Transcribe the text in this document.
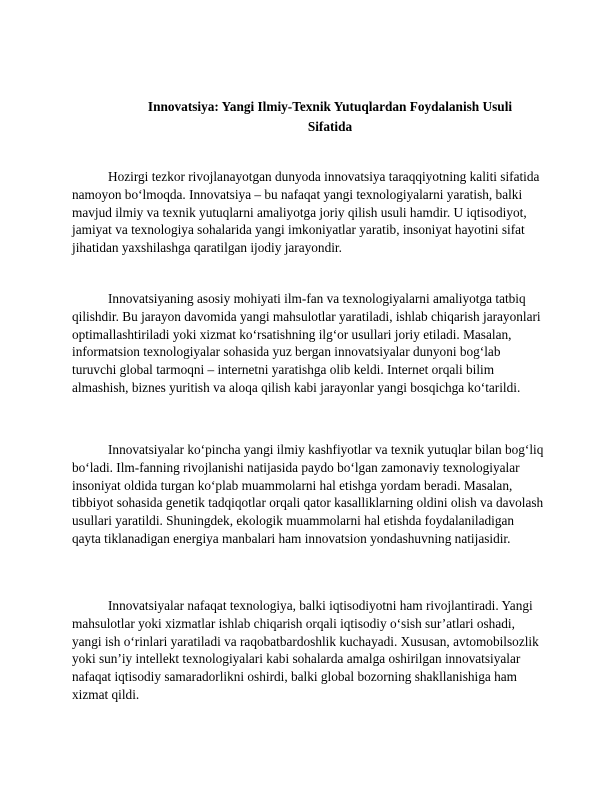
Innovatsiya: Yangi Ilmiy-Texnik Yutuqlardan Foydalanish Usuli Sifatida

Hozirgi tezkor rivojlanayotgan dunyoda innovatsiya taraqqiyotning kaliti sifatida namoyon bo‘lmoqda. Innovatsiya – bu nafaqat yangi texnologiyalarni yaratish, balki mavjud ilmiy va texnik yutuqlarni amaliyotga joriy qilish usuli hamdir. U iqtisodiyot, jamiyat va texnologiya sohalarida yangi imkoniyatlar yaratib, insoniyat hayotini sifat jihatidan yaxshilashga qaratilgan ijodiy jarayondir.

Innovatsiyaning asosiy mohiyati ilm-fan va texnologiyalarni amaliyotga tatbiq qilishdir. Bu jarayon davomida yangi mahsulotlar yaratiladi, ishlab chiqarish jarayonlari optimallashtiriladi yoki xizmat ko‘rsatishning ilg‘or usullari joriy etiladi. Masalan, informatsion texnologiyalar sohasida yuz bergan innovatsiyalar dunyoni bog‘lab turuvchi global tarmoqni – internetni yaratishga olib keldi. Internet orqali bilim almashish, biznes yuritish va aloqa qilish kabi jarayonlar yangi bosqichga ko‘tarildi.

Innovatsiyalar ko‘pincha yangi ilmiy kashfiyotlar va texnik yutuqlar bilan bog‘liq bo‘ladi. Ilm-fanning rivojlanishi natijasida paydo bo‘lgan zamonaviy texnologiyalar insoniyat oldida turgan ko‘plab muammolarni hal etishga yordam beradi. Masalan, tibbiyot sohasida genetik tadqiqotlar orqali qator kasalliklarning oldini olish va davolash usullari yaratildi. Shuningdek, ekologik muammolarni hal etishda foydalaniladigan qayta tiklanadigan energiya manbalari ham innovatsion yondashuvning natijasidir.

Innovatsiyalar nafaqat texnologiya, balki iqtisodiyotni ham rivojlantiradi. Yangi mahsulotlar yoki xizmatlar ishlab chiqarish orqali iqtisodiy o‘sish sur’atlari oshadi, yangi ish o‘rinlari yaratiladi va raqobatbardoshlik kuchayadi. Xususan, avtomobilsozlik yoki sun’iy intellekt texnologiyalari kabi sohalarda amalga oshirilgan innovatsiyalar nafaqat iqtisodiy samaradorlikni oshirdi, balki global bozorning shakllanishiga ham xizmat qildi.
